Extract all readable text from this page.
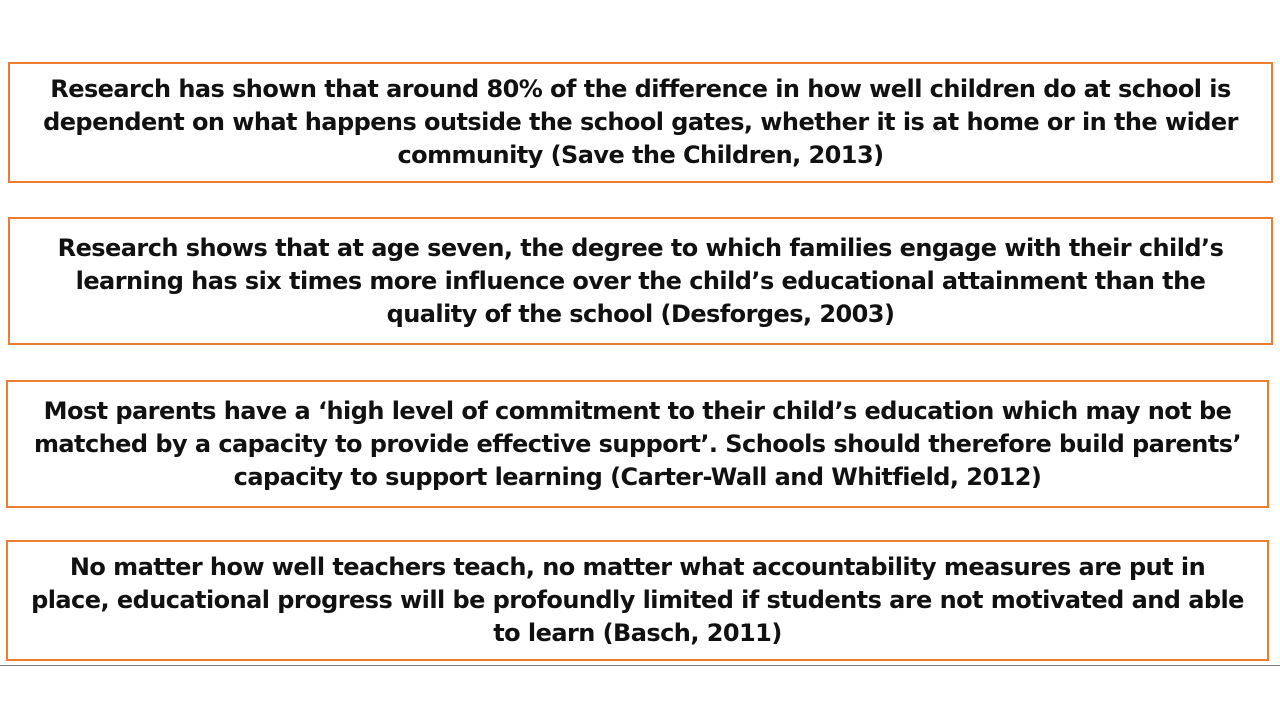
Research has shown that around 80% of the difference in how well children do at school is dependent on what happens outside the school gates, whether it is at home or in the wider community (Save the Children, 2013)

Research shows that at age seven, the degree to which families engage with their child’s learning has six times more influence over the child’s educational attainment than the quality of the school (Desforges, 2003)

Most parents have a ‘high level of commitment to their child’s education which may not be matched by a capacity to provide effective support’. Schools should therefore build parents’ capacity to support learning (Carter-Wall and Whitfield, 2012)

No matter how well teachers teach, no matter what accountability measures are put in place, educational progress will be profoundly limited if students are not motivated and able to learn (Basch, 2011)
